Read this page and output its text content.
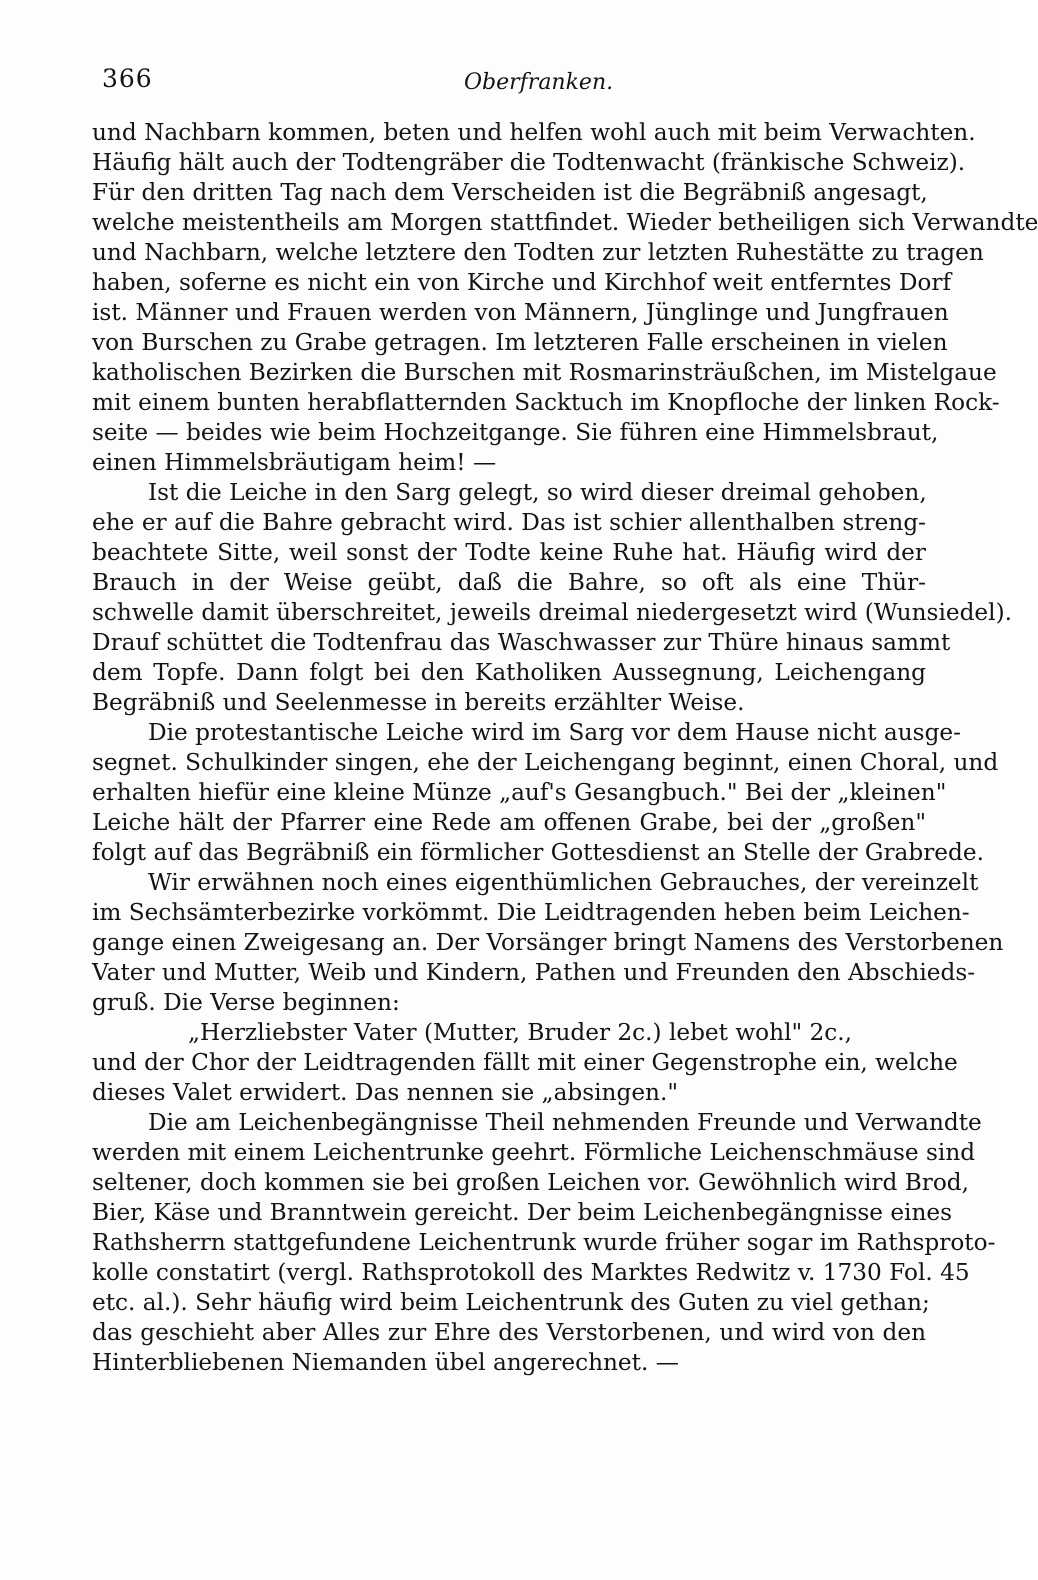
366	Oberfranken.
und Nachbarn kommen, beten und helfen wohl auch mit beim Verwachten.
Häufig hält auch der Todtengräber die Todtenwacht (fränkische Schweiz).
Für den dritten Tag nach dem Verscheiden ist die Begräbniß angesagt,
welche meistentheils am Morgen stattfindet. Wieder betheiligen sich Verwandte
und Nachbarn, welche letztere den Todten zur letzten Ruhestätte zu tragen
haben, soferne es nicht ein von Kirche und Kirchhof weit entferntes Dorf
ist. Männer und Frauen werden von Männern, Jünglinge und Jungfrauen
von Burschen zu Grabe getragen. Im letzteren Falle erscheinen in vielen
katholischen Bezirken die Burschen mit Rosmarinsträußchen, im Mistelgaue
mit einem bunten herabflatternden Sacktuch im Knopfloche der linken Rock-
seite — beides wie beim Hochzeitgange. Sie führen eine Himmelsbraut,
einen Himmelsbräutigam heim! —
Ist die Leiche in den Sarg gelegt, so wird dieser dreimal gehoben,
ehe er auf die Bahre gebracht wird. Das ist schier allenthalben streng-
beachtete Sitte, weil sonst der Todte keine Ruhe hat. Häufig wird der
Brauch in der Weise geübt, daß die Bahre, so oft als eine Thür-
schwelle damit überschreitet, jeweils dreimal niedergesetzt wird (Wunsiedel).
Drauf schüttet die Todtenfrau das Waschwasser zur Thüre hinaus sammt
dem Topfe. Dann folgt bei den Katholiken Aussegnung, Leichengang
Begräbniß und Seelenmesse in bereits erzählter Weise.
Die protestantische Leiche wird im Sarg vor dem Hause nicht ausge-
segnet. Schulkinder singen, ehe der Leichengang beginnt, einen Choral, und
erhalten hiefür eine kleine Münze „auf's Gesangbuch." Bei der „kleinen"
Leiche hält der Pfarrer eine Rede am offenen Grabe, bei der „großen"
folgt auf das Begräbniß ein förmlicher Gottesdienst an Stelle der Grabrede.
Wir erwähnen noch eines eigenthümlichen Gebrauches, der vereinzelt
im Sechsämterbezirke vorkömmt. Die Leidtragenden heben beim Leichen-
gange einen Zweigesang an. Der Vorsänger bringt Namens des Verstorbenen
Vater und Mutter, Weib und Kindern, Pathen und Freunden den Abschieds-
gruß. Die Verse beginnen:
„Herzliebster Vater (Mutter, Bruder 2c.) lebet wohl" 2c.,
und der Chor der Leidtragenden fällt mit einer Gegenstrophe ein, welche
dieses Valet erwidert. Das nennen sie „absingen."
Die am Leichenbegängnisse Theil nehmenden Freunde und Verwandte
werden mit einem Leichentrunke geehrt. Förmliche Leichenschmäuse sind
seltener, doch kommen sie bei großen Leichen vor. Gewöhnlich wird Brod,
Bier, Käse und Branntwein gereicht. Der beim Leichenbegängnisse eines
Rathsherrn stattgefundene Leichentrunk wurde früher sogar im Rathsproto-
kolle constatirt (vergl. Rathsprotokoll des Marktes Redwitz v. 1730 Fol. 45
etc. al.). Sehr häufig wird beim Leichentrunk des Guten zu viel gethan;
das geschieht aber Alles zur Ehre des Verstorbenen, und wird von den
Hinterbliebenen Niemanden übel angerechnet. —
